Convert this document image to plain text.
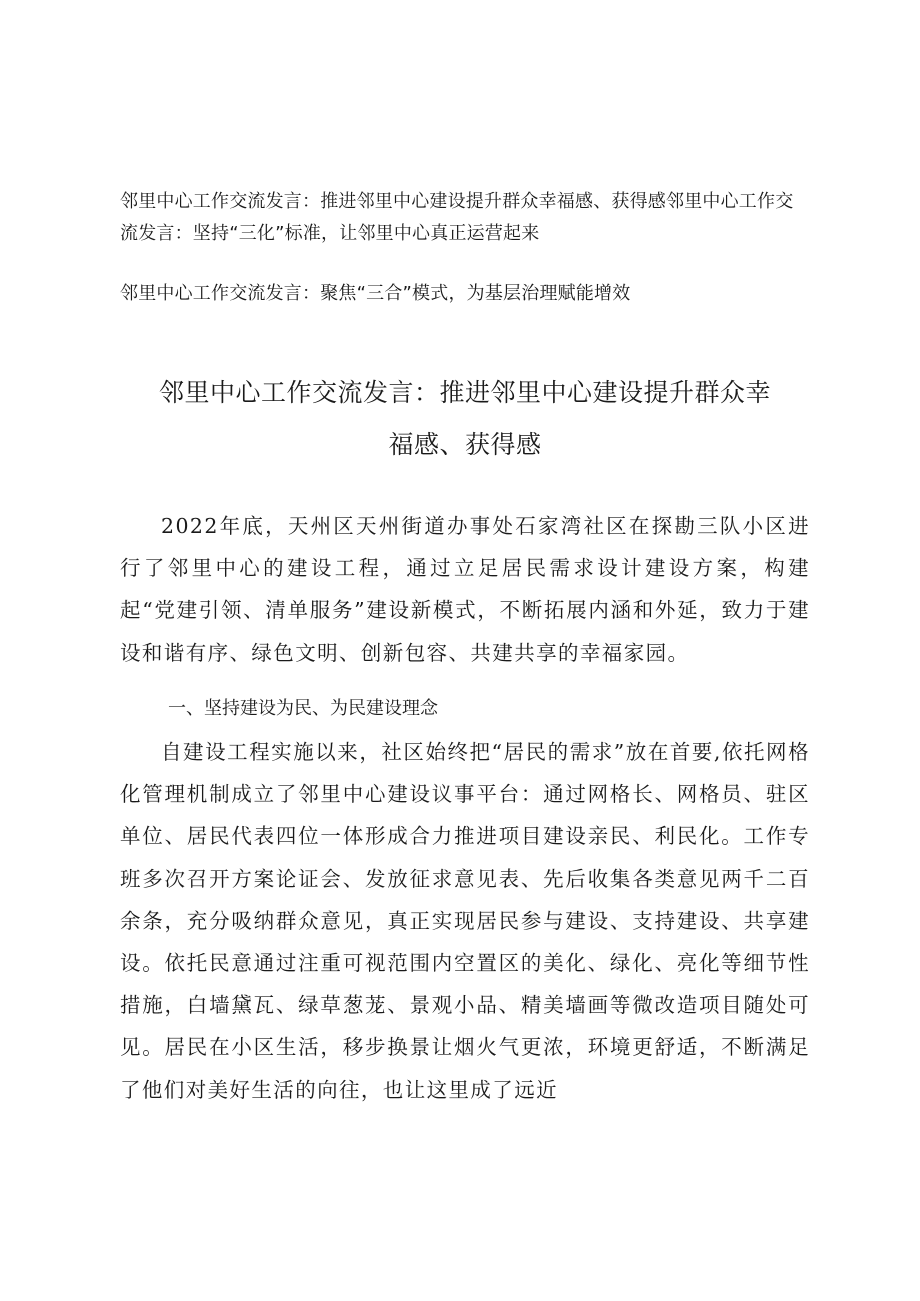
邻里中心工作交流发言：推进邻里中心建设提升群众幸福感、获得感邻里中心工作交流发言：坚持“三化”标准，让邻里中心真正运营起来
邻里中心工作交流发言：聚焦“三合”模式，为基层治理赋能增效
邻里中心工作交流发言：推进邻里中心建设提升群众幸
福感、获得感
2022年底，天州区天州街道办事处石家湾社区在探勘三队小区进行了邻里中心的建设工程，通过立足居民需求设计建设方案，构建起“党建引领、清单服务”建设新模式，不断拓展内涵和外延，致力于建设和谐有序、绿色文明、创新包容、共建共享的幸福家园。
一、坚持建设为民、为民建设理念
自建设工程实施以来，社区始终把“居民的需求”放在首要,依托网格化管理机制成立了邻里中心建设议事平台：通过网格长、网格员、驻区单位、居民代表四位一体形成合力推进项目建设亲民、利民化。工作专班多次召开方案论证会、发放征求意见表、先后收集各类意见两千二百余条，充分吸纳群众意见，真正实现居民参与建设、支持建设、共享建设。依托民意通过注重可视范围内空置区的美化、绿化、亮化等细节性措施，白墙黛瓦、绿草葱茏、景观小品、精美墙画等微改造项目随处可见。居民在小区生活，移步换景让烟火气更浓，环境更舒适，不断满足了他们对美好生活的向往，也让这里成了远近
